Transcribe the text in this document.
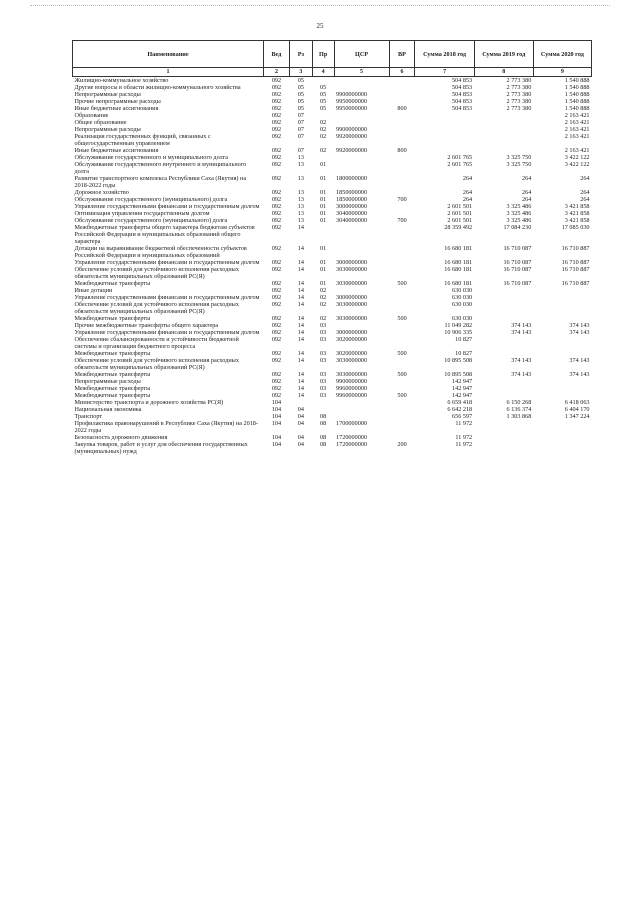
25
Наименование	Вед	Рз	Пр	ЦСР	ВР	Сумма 2018 год	Сумма 2019 год	Сумма 2020 год
1	2	3	4	5	6	7	8	9
Жилищно-коммунальное хозяйство	092	05				504 853	2 773 380	1 540 888
Другие вопросы в области жилищно-коммунального хозяйства	092	05	05			504 853	2 773 380	1 540 888
Непрограммные расходы	092	05	05	9900000000		504 853	2 773 380	1 540 888
Прочие непрограммные расходы	092	05	05	9950000000		504 853	2 773 380	1 540 888
Иные бюджетные ассигнования	092	05	05	9950000000	800	504 853	2 773 380	1 540 888
Образование	092	07						2 163 421
Общее образование	092	07	02					2 163 421
Непрограммные расходы	092	07	02	9900000000				2 163 421
Реализация государственных функций, связанных с общегосударственным управлением	092	07	02	9920000000				2 163 421
Иные бюджетные ассигнования	092	07	02	9920000000	800			2 163 421
Обслуживание государственного и муниципального долга	092	13				2 601 765	3 325 750	3 422 122
Обслуживание государственного внутреннего и муниципального долга	092	13	01			2 601 765	3 325 750	3 422 122
Развитие транспортного комплекса Республики Саха (Якутия) на 2018-2022 годы	092	13	01	1800000000		264	264	264
Дорожное хозяйство	092	13	01	1850000000		264	264	264
Обслуживание государственного (муниципального) долга	092	13	01	1850000000	700	264	264	264
Управление государственными финансами и государственным долгом	092	13	01	3000000000		2 601 501	3 325 486	3 421 858
Оптимизация управления государственным долгом	092	13	01	3040000000		2 601 501	3 325 486	3 421 858
Обслуживание государственного (муниципального) долга	092	13	01	3040000000	700	2 601 501	3 325 486	3 421 858
Межбюджетные трансферты общего характера бюджетам субъектов Российской Федерации и муниципальных образований общего характера	092	14				28 359 492	17 084 230	17 085 030
Дотации на выравнивание бюджетной обеспеченности субъектов Российской Федерации и муниципальных образований	092	14	01			16 680 181	16 710 087	16 710 887
Управление государственными финансами и государственным долгом	092	14	01	3000000000		16 680 181	16 710 087	16 710 887
Обеспечение условий для устойчивого исполнения расходных обязательств муниципальных образований РС(Я)	092	14	01	3030000000		16 680 181	16 710 087	16 710 887
Межбюджетные трансферты	092	14	01	3030000000	500	16 680 181	16 710 087	16 710 887
Иные дотации	092	14	02			630 030		
Управление государственными финансами и государственным долгом	092	14	02	3000000000		630 030		
Обеспечение условий для устойчивого исполнения расходных обязательств муниципальных образований РС(Я)	092	14	02	3030000000		630 030		
Межбюджетные трансферты	092	14	02	3030000000	500	630 030		
Прочие межбюджетные трансферты общего характера	092	14	03			11 049 282	374 143	374 143
Управление государственными финансами и государственным долгом	092	14	03	3000000000		10 906 335	374 143	374 143
Обеспечение сбалансированности и устойчивости бюджетной системы и организация бюджетного процесса	092	14	03	3020000000		10 827		
Межбюджетные трансферты	092	14	03	3020000000	500	10 827		
Обеспечение условий для устойчивого исполнения расходных обязательств муниципальных образований РС(Я)	092	14	03	3030000000		10 895 508	374 143	374 143
Межбюджетные трансферты	092	14	03	3030000000	500	10 895 508	374 143	374 143
Непрограммные расходы	092	14	03	9900000000		142 947		
Межбюджетные трансферты	092	14	03	9960000000		142 947		
Межбюджетные трансферты	092	14	03	9960000000	500	142 947		
Министерство транспорта и дорожного хозяйства РС(Я)	104					6 659 418	6 150 268	6 418 063
Национальная экономика	104	04				6 642 218	6 136 374	6 404 170
Транспорт	104	04	08			656 597	1 303 868	1 347 224
Профилактика правонарушений в Республике Саха (Якутия) на 2018-2022 годы	104	04	08	1700000000		11 972		
Безопасность дорожного движения	104	04	08	1720000000		11 972		
Закупка товаров, работ и услуг для обеспечения государственных (муниципальных) нужд	104	04	08	1720000000	200	11 972		
